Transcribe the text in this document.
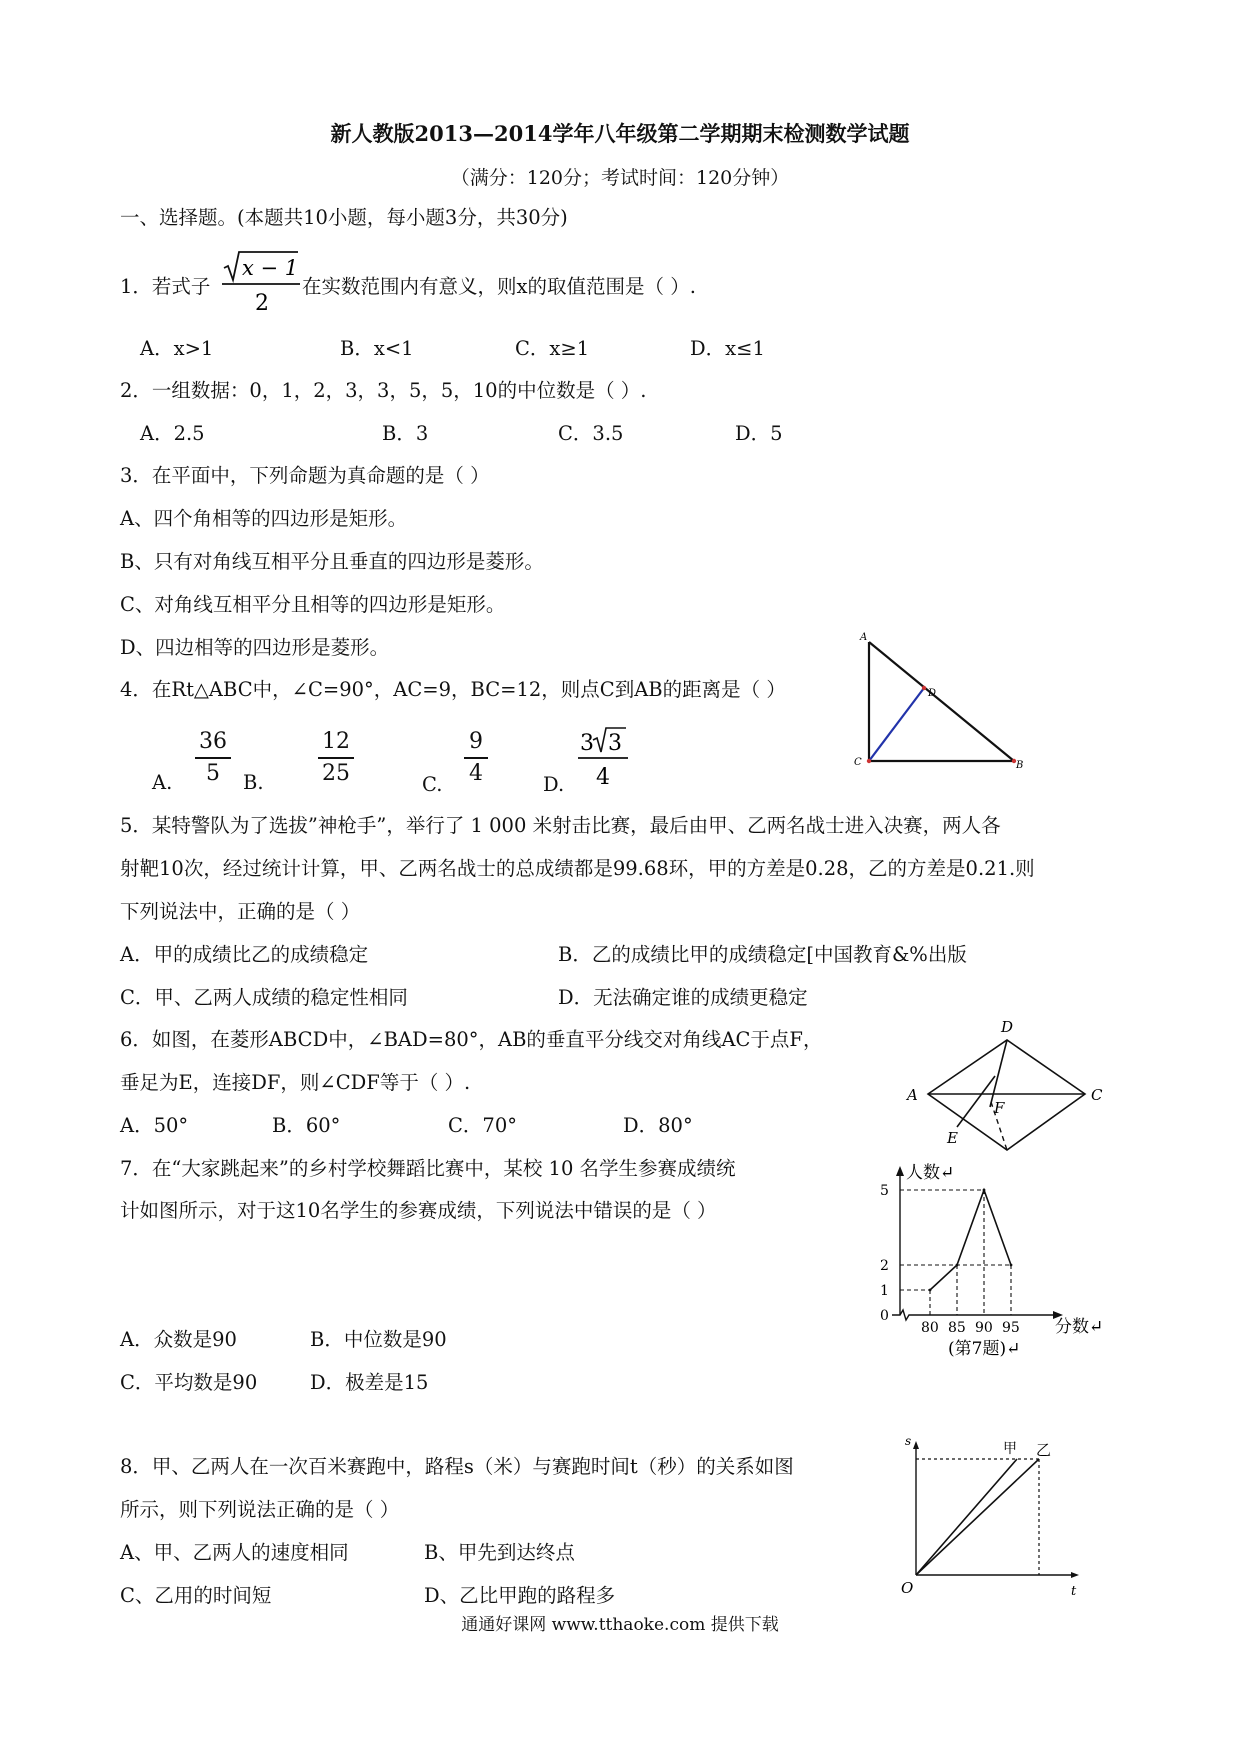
新人教版2013—2014学年八年级第二学期期末检测数学试题
（满分：120分；考试时间：120分钟）
一、选择题。(本题共10小题，每小题3分，共30分)
1．若式子
x − 1
2
在实数范围内有意义，则x的取值范围是（ ）.
A．x>1	B．x<1	C．x≥1	D．x≤1
2．一组数据：0，1，2，3，3，5，5，10的中位数是（ ）.
A．2.5	B．3	C．3.5	D．5
3．在平面中，下列命题为真命题的是（ ）
A、四个角相等的四边形是矩形。
B、只有对角线互相平分且垂直的四边形是菱形。
C、对角线互相平分且相等的四边形是矩形。
D、四边相等的四边形是菱形。
4．在Rt△ABC中，∠C=90°，AC=9，BC=12，则点C到AB的距离是（ ）
A.
36
5	B.
12
25	C.
9
4	D.
3 3
4
A
D
C	B
5．某特警队为了选拔”神枪手”，举行了 1 000 米射击比赛，最后由甲、乙两名战士进入决赛，两人各
射靶10次，经过统计计算，甲、乙两名战士的总成绩都是99.68环，甲的方差是0.28，乙的方差是0.21.则
下列说法中，正确的是（ ）
A．甲的成绩比乙的成绩稳定	B．乙的成绩比甲的成绩稳定[中国教育&%出版
C．甲、乙两人成绩的稳定性相同	D．无法确定谁的成绩更稳定
6．如图，在菱形ABCD中，∠BAD=80°，AB的垂直平分线交对角线AC于点F，
垂足为E，连接DF，则∠CDF等于（ ）.
A．50°	B．60°	C．70°	D．80°
D
A	C
F
E
7．在“大家跳起来”的乡村学校舞蹈比赛中，某校 10 名学生参赛成绩统
计如图所示，对于这10名学生的参赛成绩，下列说法中错误的是（ ）
A．众数是90	B．中位数是90
C．平均数是90	D．极差是15
人数↵
分数↵
80 85 90 95
0
1
2
5
(第7题)↵
8．甲、乙两人在一次百米赛跑中，路程s（米）与赛跑时间t（秒）的关系如图
所示，则下列说法正确的是（ ）
A、甲、乙两人的速度相同	B、甲先到达终点
C、乙用的时间短	D、乙比甲跑的路程多
s
t
O
甲 乙
通通好课网 www.tthaoke.com 提供下载
